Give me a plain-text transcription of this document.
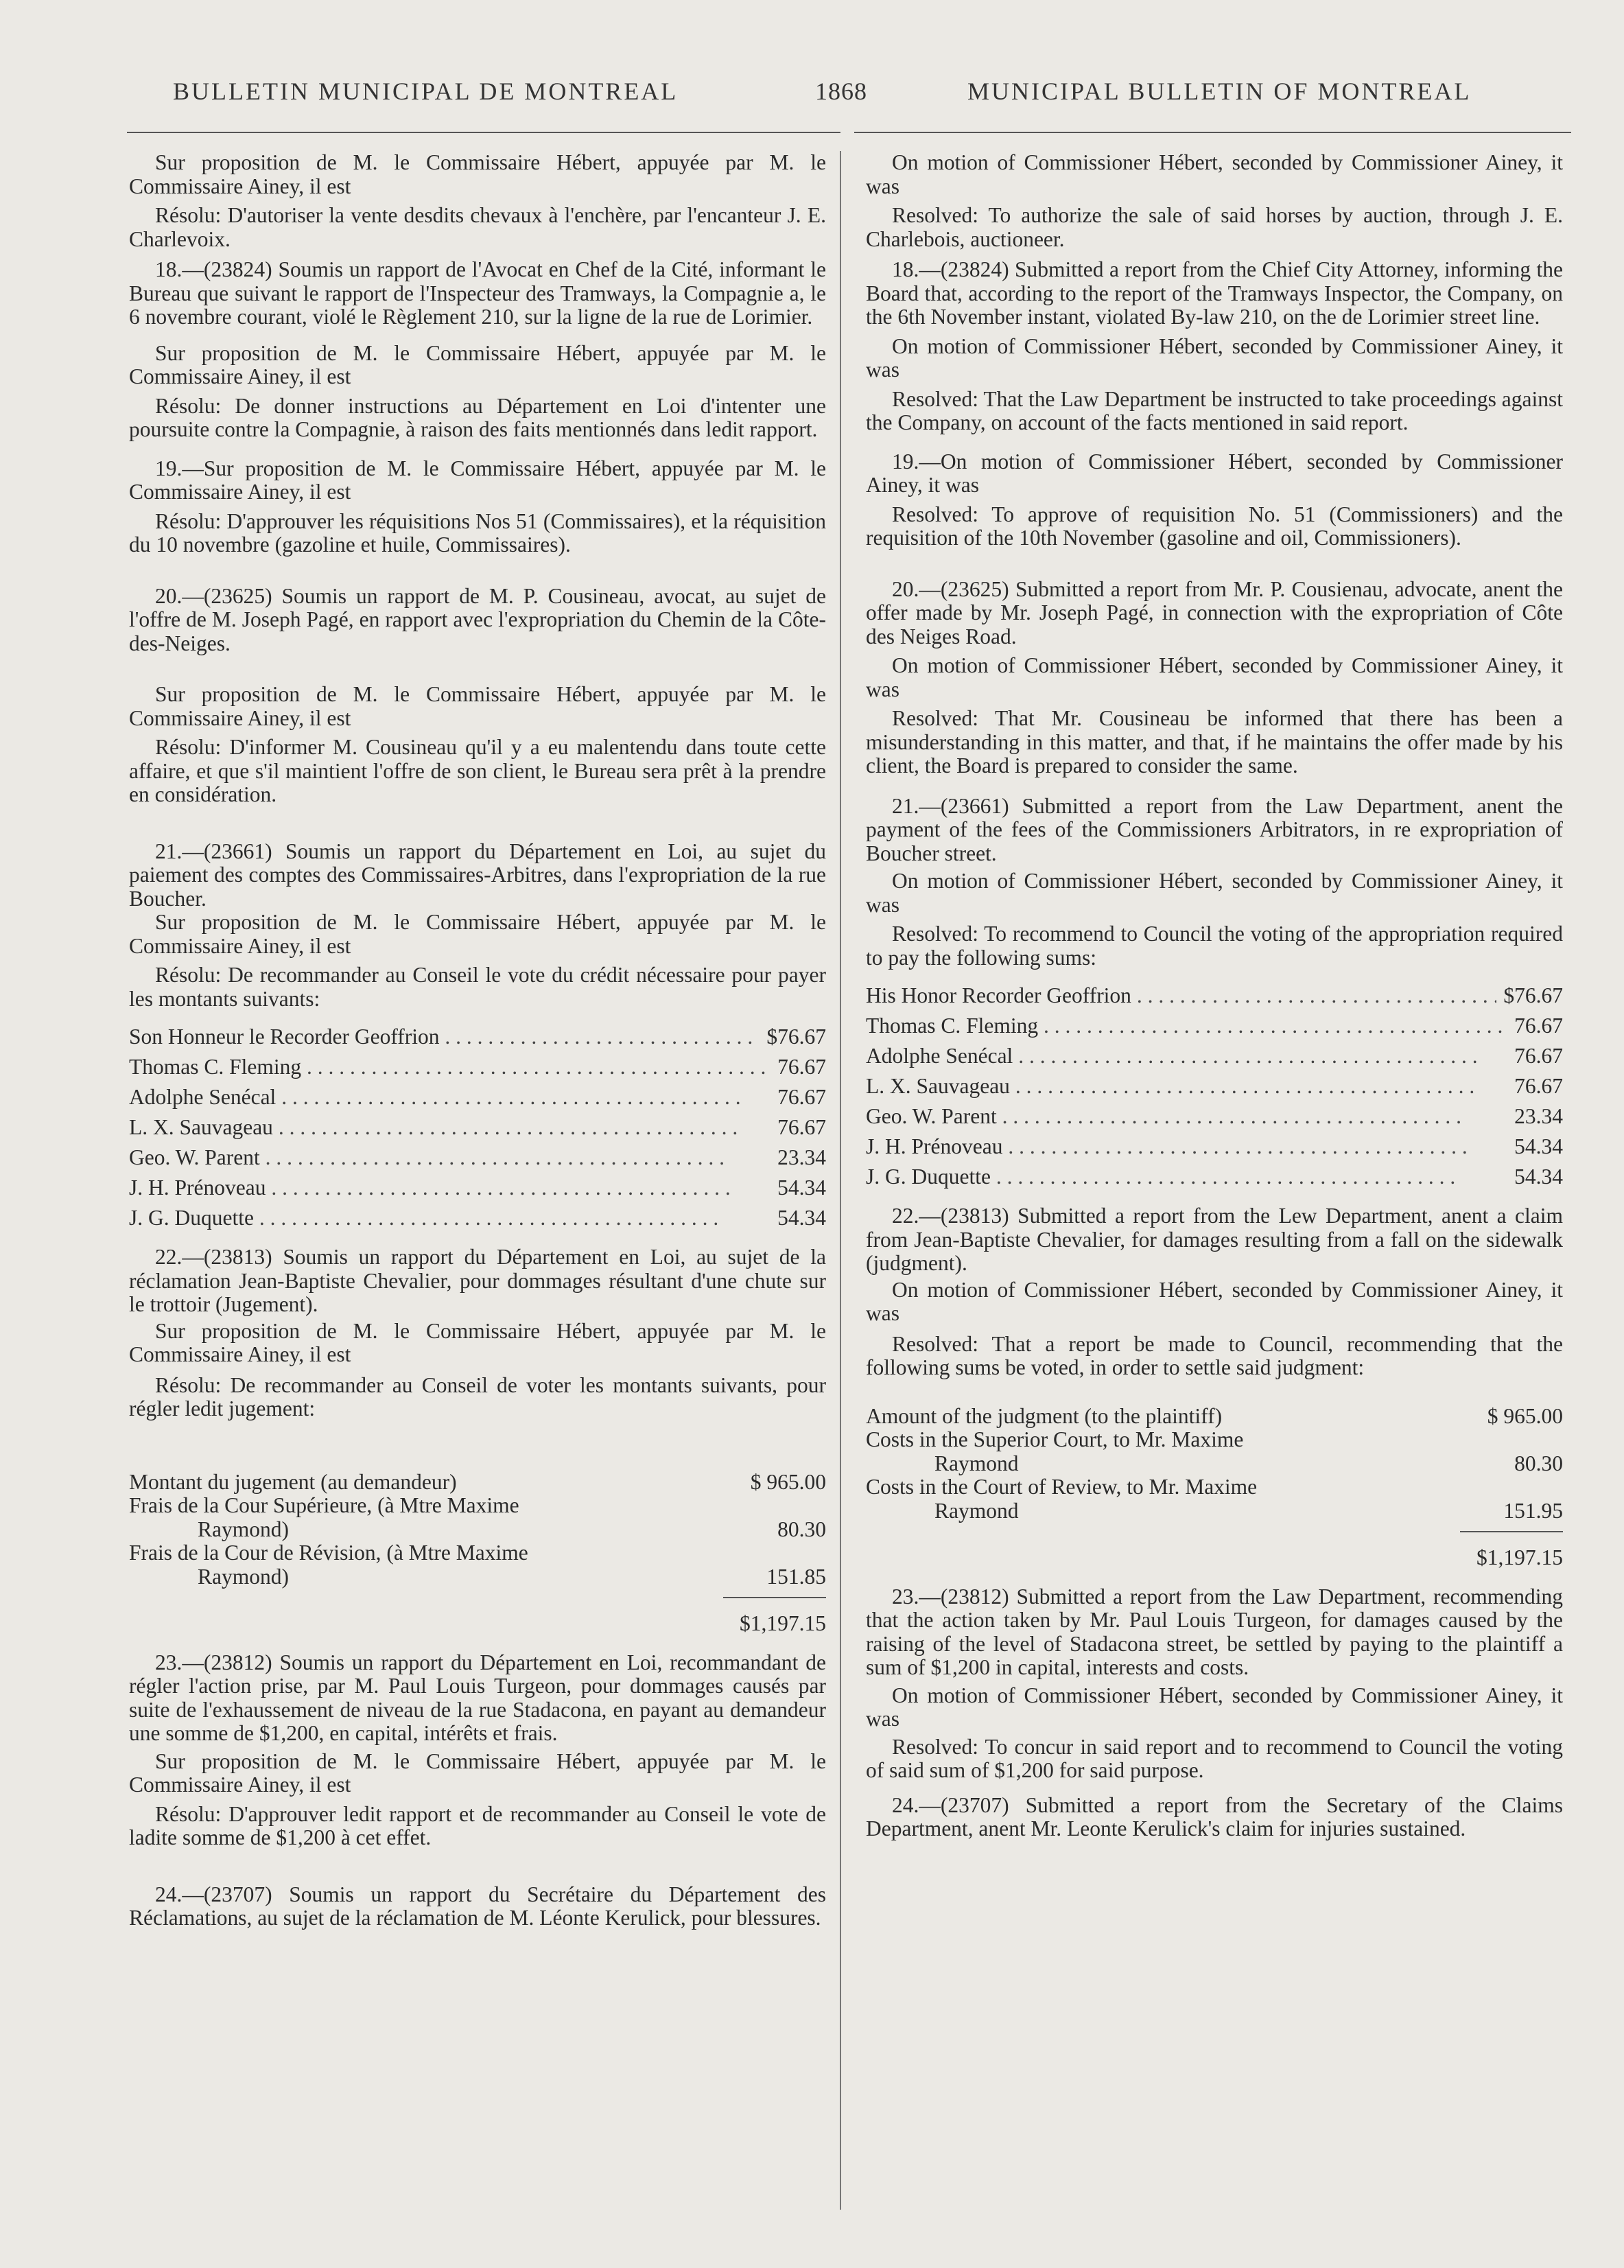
BULLETIN MUNICIPAL DE MONTREAL	1868	MUNICIPAL BULLETIN OF MONTREAL

Sur proposition de M. le Commissaire Hébert, appuyée par M. le Commissaire Ainey, il est

Résolu: D'autoriser la vente desdits chevaux à l'enchère, par l'encanteur J. E. Charlevoix.

18.—(23824) Soumis un rapport de l'Avocat en Chef de la Cité, informant le Bureau que suivant le rapport de l'Inspecteur des Tramways, la Compagnie a, le 6 novembre courant, violé le Règlement 210, sur la ligne de la rue de Lorimier.

Sur proposition de M. le Commissaire Hébert, appuyée par M. le Commissaire Ainey, il est

Résolu: De donner instructions au Département en Loi d'intenter une poursuite contre la Compagnie, à raison des faits mentionnés dans ledit rapport.

19.—Sur proposition de M. le Commissaire Hébert, appuyée par M. le Commissaire Ainey, il est

Résolu: D'approuver les réquisitions Nos 51 (Commissaires), et la réquisition du 10 novembre (gazoline et huile, Commissaires).

20.—(23625) Soumis un rapport de M. P. Cousineau, avocat, au sujet de l'offre de M. Joseph Pagé, en rapport avec l'expropriation du Chemin de la Côte-des-Neiges.

Sur proposition de M. le Commissaire Hébert, appuyée par M. le Commissaire Ainey, il est

Résolu: D'informer M. Cousineau qu'il y a eu malentendu dans toute cette affaire, et que s'il maintient l'offre de son client, le Bureau sera prêt à la prendre en considération.

21.—(23661) Soumis un rapport du Département en Loi, au sujet du paiement des comptes des Commissaires-Arbitres, dans l'expropriation de la rue Boucher.

Sur proposition de M. le Commissaire Hébert, appuyée par M. le Commissaire Ainey, il est

Résolu: De recommander au Conseil le vote du crédit nécessaire pour payer les montants suivants:

Son Honneur le Recorder Geoffrion . . .	$76.67
Thomas C. Fleming . . .	76.67
Adolphe Senécal . . .	76.67
L. X. Sauvageau . . .	76.67
Geo. W. Parent . . .	23.34
J. H. Prénoveau . . .	54.34
J. G. Duquette . . .	54.34

22.—(23813) Soumis un rapport du Département en Loi, au sujet de la réclamation Jean-Baptiste Chevalier, pour dommages résultant d'une chute sur le trottoir (Jugement).

Sur proposition de M. le Commissaire Hébert, appuyée par M. le Commissaire Ainey, il est

Résolu: De recommander au Conseil de voter les montants suivants, pour régler ledit jugement:

Montant du jugement (au demandeur)	$ 965.00
Frais de la Cour Supérieure, (à Mtre Maxime
Raymond)	80.30
Frais de la Cour de Révision, (à Mtre Maxime
Raymond)	151.85
$1,197.15

23.—(23812) Soumis un rapport du Département en Loi, recommandant de régler l'action prise, par M. Paul Louis Turgeon, pour dommages causés par suite de l'exhaussement de niveau de la rue Stadacona, en payant au demandeur une somme de $1,200, en capital, intérêts et frais.

Sur proposition de M. le Commissaire Hébert, appuyée par M. le Commissaire Ainey, il est

Résolu: D'approuver ledit rapport et de recommander au Conseil le vote de ladite somme de $1,200 à cet effet.

24.—(23707) Soumis un rapport du Secrétaire du Département des Réclamations, au sujet de la réclamation de M. Léonte Kerulick, pour blessures.

On motion of Commissioner Hébert, seconded by Commissioner Ainey, it was

Resolved: To authorize the sale of said horses by auction, through J. E. Charlebois, auctioneer.

18.—(23824) Submitted a report from the Chief City Attorney, informing the Board that, according to the report of the Tramways Inspector, the Company, on the 6th November instant, violated By-law 210, on the de Lorimier street line.

On motion of Commissioner Hébert, seconded by Commissioner Ainey, it was

Resolved: That the Law Department be instructed to take proceedings against the Company, on account of the facts mentioned in said report.

19.—On motion of Commissioner Hébert, seconded by Commissioner Ainey, it was

Resolved: To approve of requisition No. 51 (Commissioners) and the requisition of the 10th November (gasoline and oil, Commissioners).

20.—(23625) Submitted a report from Mr. P. Cousienau, advocate, anent the offer made by Mr. Joseph Pagé, in connection with the expropriation of Côte des Neiges Road.

On motion of Commissioner Hébert, seconded by Commissioner Ainey, it was

Resolved: That Mr. Cousineau be informed that there has been a misunderstanding in this matter, and that, if he maintains the offer made by his client, the Board is prepared to consider the same.

21.—(23661) Submitted a report from the Law Department, anent the payment of the fees of the Commissioners Arbitrators, in re expropriation of Boucher street.

On motion of Commissioner Hébert, seconded by Commissioner Ainey, it was

Resolved: To recommend to Council the voting of the appropriation required to pay the following sums:

His Honor Recorder Geoffrion . . .	$76.67
Thomas C. Fleming . . .	76.67
Adolphe Senécal . . .	76.67
L. X. Sauvageau . . .	76.67
Geo. W. Parent . . .	23.34
J. H. Prénoveau . . .	54.34
J. G. Duquette . . .	54.34

22.—(23813) Submitted a report from the Lew Department, anent a claim from Jean-Baptiste Chevalier, for damages resulting from a fall on the sidewalk (judgment).

On motion of Commissioner Hébert, seconded by Commissioner Ainey, it was

Resolved: That a report be made to Council, recommending that the following sums be voted, in order to settle said judgment:

Amount of the judgment (to the plaintiff)	$ 965.00
Costs in the Superior Court, to Mr. Maxime
Raymond	80.30
Costs in the Court of Review, to Mr. Maxime
Raymond	151.95
$1,197.15

23.—(23812) Submitted a report from the Law Department, recommending that the action taken by Mr. Paul Louis Turgeon, for damages caused by the raising of the level of Stadacona street, be settled by paying to the plaintiff a sum of $1,200 in capital, interests and costs.

On motion of Commissioner Hébert, seconded by Commissioner Ainey, it was

Resolved: To concur in said report and to recommend to Council the voting of said sum of $1,200 for said purpose.

24.—(23707) Submitted a report from the Secretary of the Claims Department, anent Mr. Leonte Kerulick's claim for injuries sustained.
